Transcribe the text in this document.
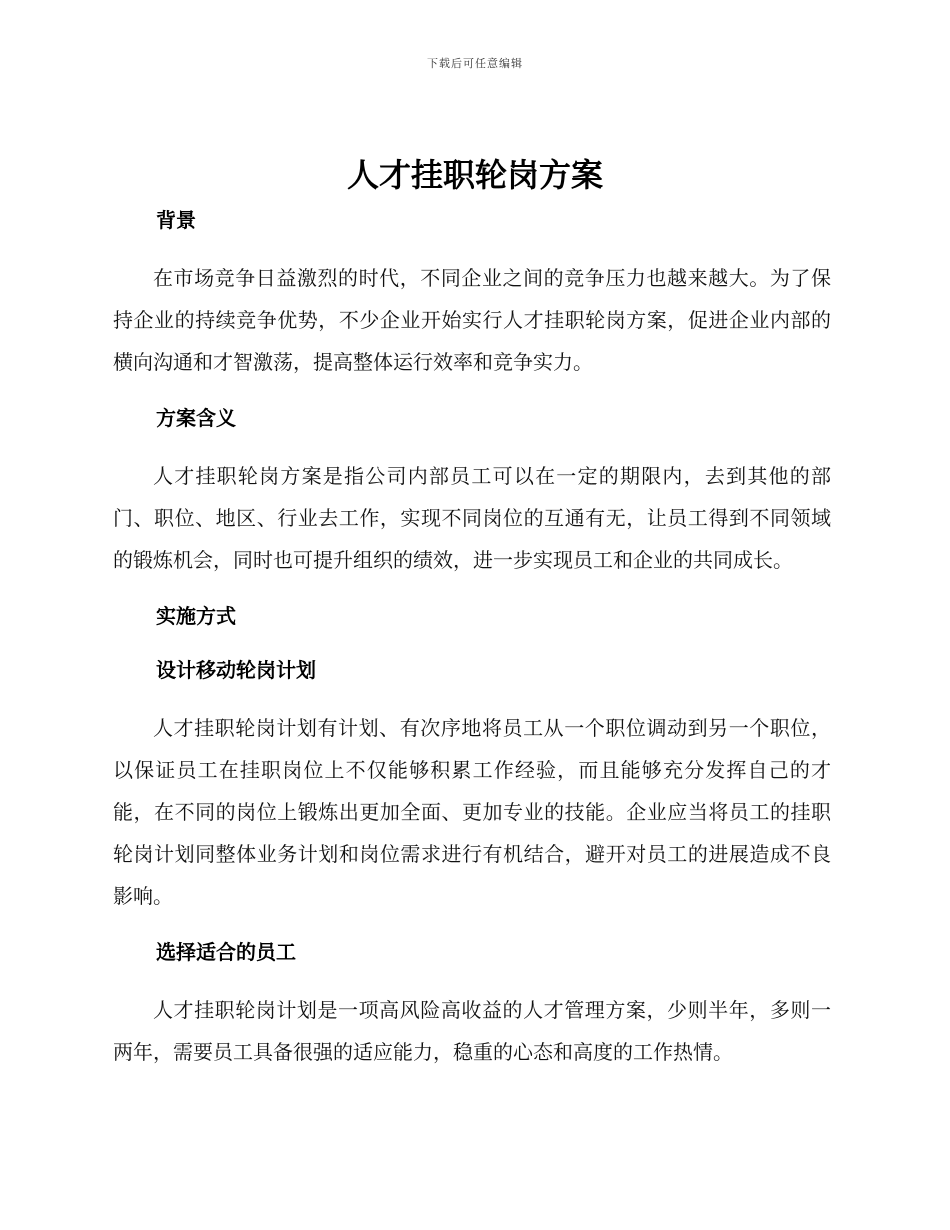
下载后可任意编辑
人才挂职轮岗方案
背景

在市场竞争日益激烈的时代，不同企业之间的竞争压力也越来越大。为了保持企业的持续竞争优势，不少企业开始实行人才挂职轮岗方案，促进企业内部的横向沟通和才智激荡，提高整体运行效率和竞争实力。

方案含义

人才挂职轮岗方案是指公司内部员工可以在一定的期限内，去到其他的部门、职位、地区、行业去工作，实现不同岗位的互通有无，让员工得到不同领域的锻炼机会，同时也可提升组织的绩效，进一步实现员工和企业的共同成长。

实施方式
设计移动轮岗计划

人才挂职轮岗计划有计划、有次序地将员工从一个职位调动到另一个职位，以保证员工在挂职岗位上不仅能够积累工作经验，而且能够充分发挥自己的才能，在不同的岗位上锻炼出更加全面、更加专业的技能。企业应当将员工的挂职轮岗计划同整体业务计划和岗位需求进行有机结合，避开对员工的进展造成不良影响。

选择适合的员工

人才挂职轮岗计划是一项高风险高收益的人才管理方案，少则半年，多则一两年，需要员工具备很强的适应能力，稳重的心态和高度的工作热情。
